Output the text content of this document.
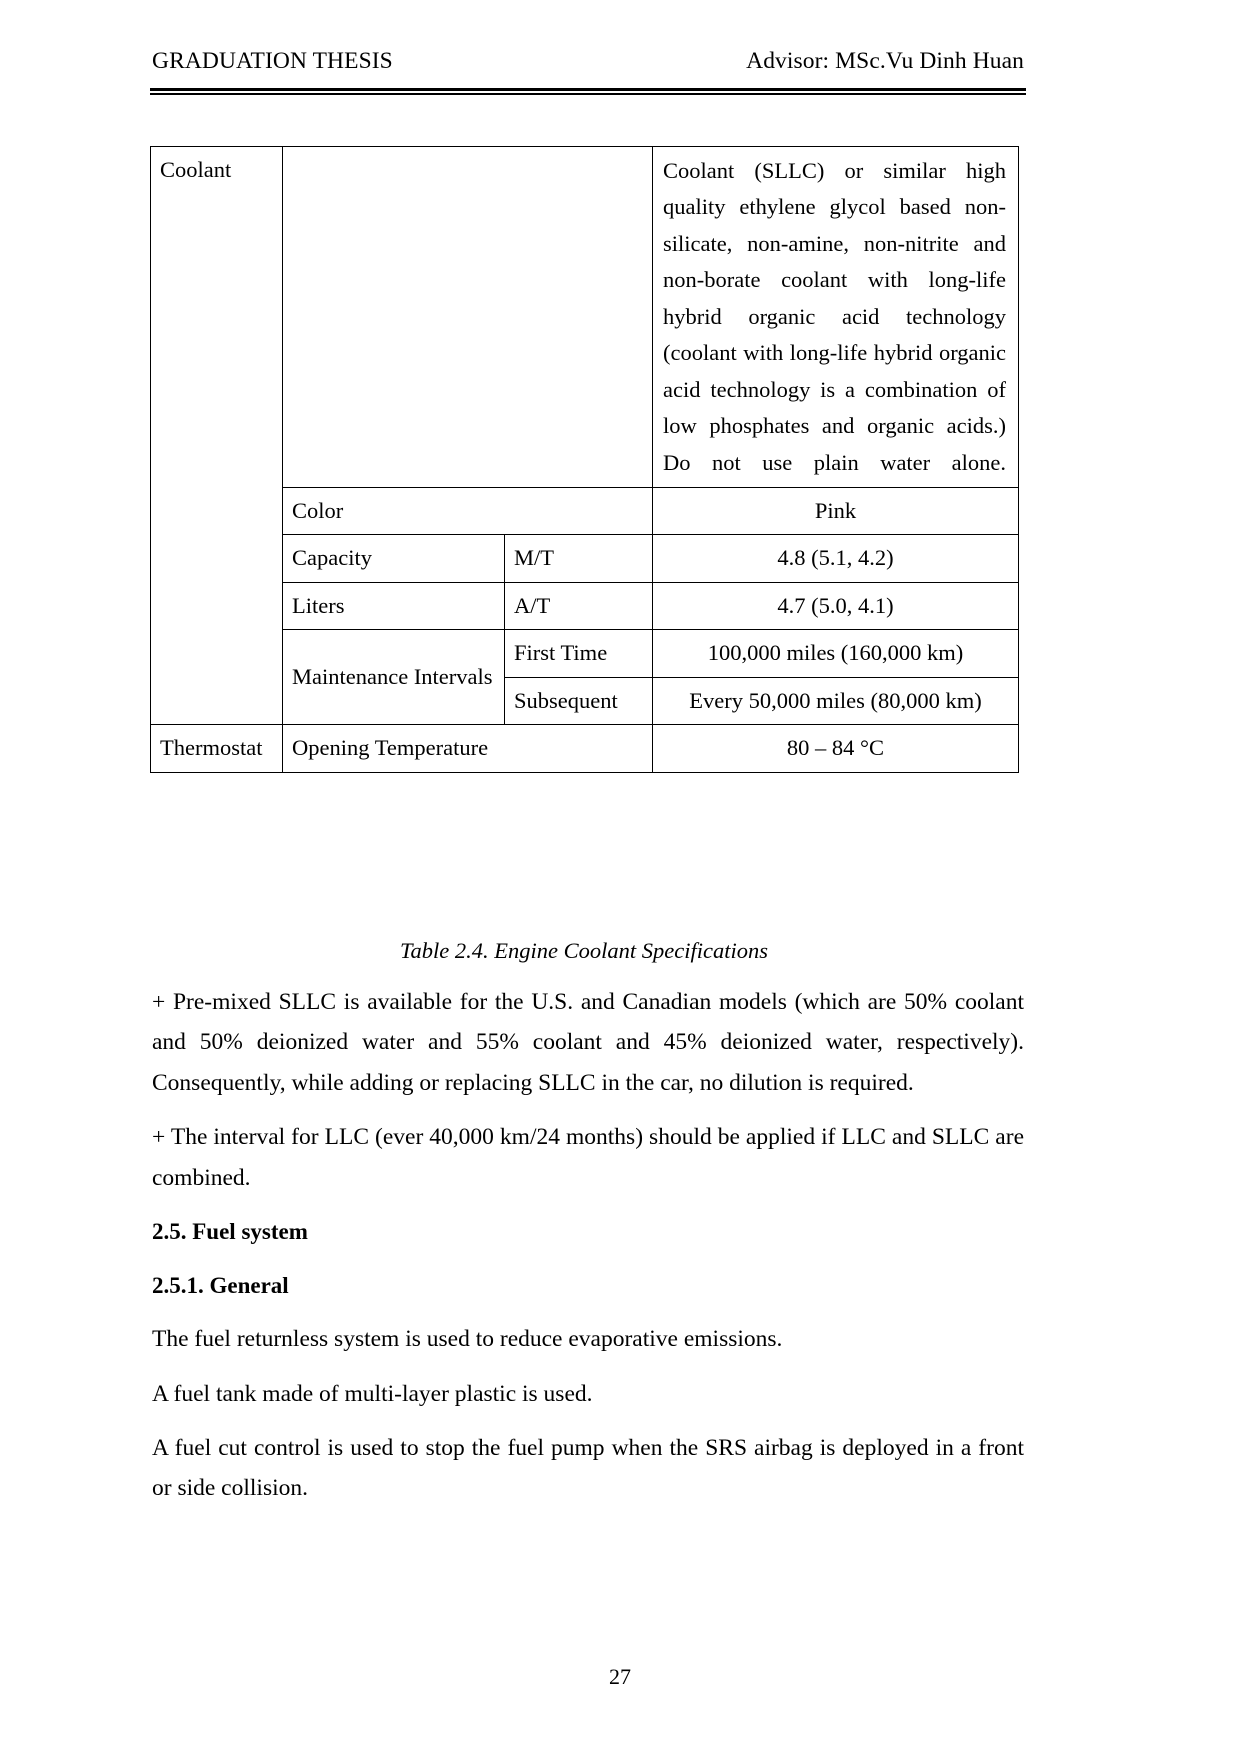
GRADUATION THESIS	Advisor: MSc.Vu Dinh Huan
Coolant			Coolant (SLLC) or similar high quality ethylene glycol based non-silicate, non-amine, non-nitrite and non-borate coolant with long-life hybrid organic acid technology (coolant with long-life hybrid organic acid technology is a combination of low phosphates and organic acids.) Do not use plain water alone.
	Color		Pink
	Capacity	M/T	4.8 (5.1, 4.2)
	Liters	A/T	4.7 (5.0, 4.1)
	Maintenance Intervals	First Time	100,000 miles (160,000 km)
		Subsequent	Every 50,000 miles (80,000 km)
Thermostat	Opening Temperature		80 – 84 °C
Table 2.4. Engine Coolant Specifications

+ Pre-mixed SLLC is available for the U.S. and Canadian models (which are 50% coolant and 50% deionized water and 55% coolant and 45% deionized water, respectively). Consequently, while adding or replacing SLLC in the car, no dilution is required.

+ The interval for LLC (ever 40,000 km/24 months) should be applied if LLC and SLLC are combined.

2.5. Fuel system
2.5.1. General

The fuel returnless system is used to reduce evaporative emissions.

A fuel tank made of multi-layer plastic is used.

A fuel cut control is used to stop the fuel pump when the SRS airbag is deployed in a front or side collision.

27
